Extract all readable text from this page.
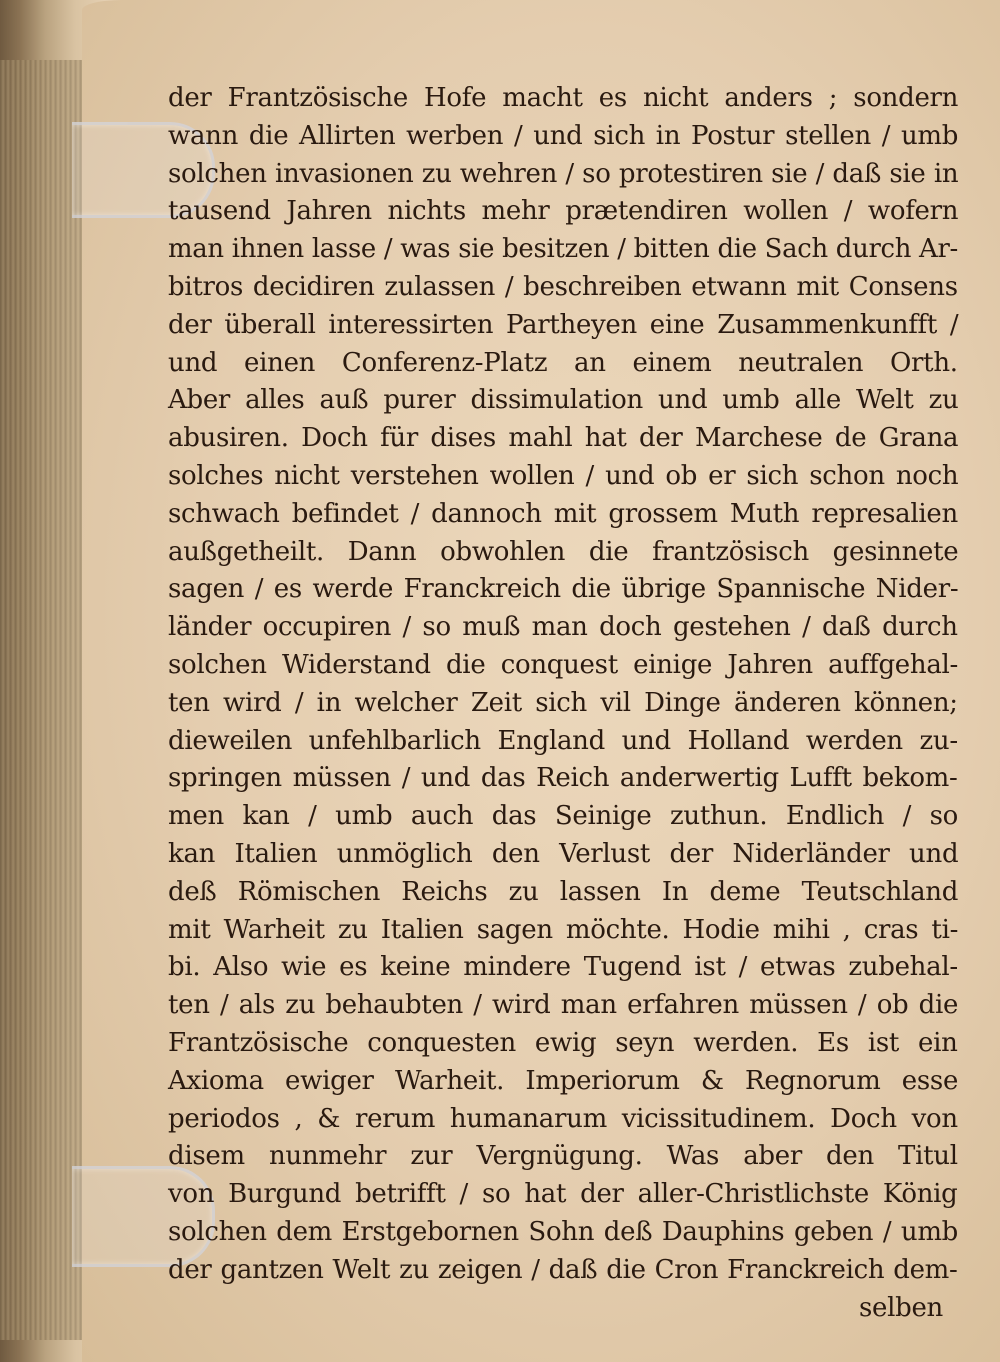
der Frantzösische Hofe macht es nicht anders ; sondern
wann die Allirten werben / und sich in Postur stellen / umb
solchen invasionen zu wehren / so protestiren sie / daß sie in
tausend Jahren nichts mehr prætendiren wollen / wofern
man ihnen lasse / was sie besitzen / bitten die Sach durch Ar-
bitros decidiren zulassen / beschreiben etwann mit Consens
der überall interessirten Partheyen eine Zusammenkunfft /
und einen Conferenz-Platz an einem neutralen Orth.
Aber alles auß purer dissimulation und umb alle Welt zu
abusiren. Doch für dises mahl hat der Marchese de Grana
solches nicht verstehen wollen / und ob er sich schon noch
schwach befindet / dannoch mit grossem Muth represalien
außgetheilt. Dann obwohlen die frantzösisch gesinnete
sagen / es werde Franckreich die übrige Spannische Nider-
länder occupiren / so muß man doch gestehen / daß durch
solchen Widerstand die conquest einige Jahren auffgehal-
ten wird / in welcher Zeit sich vil Dinge änderen können;
dieweilen unfehlbarlich England und Holland werden zu-
springen müssen / und das Reich anderwertig Lufft bekom-
men kan / umb auch das Seinige zuthun. Endlich / so
kan Italien unmöglich den Verlust der Niderländer und
deß Römischen Reichs zu lassen In deme Teutschland
mit Warheit zu Italien sagen möchte. Hodie mihi , cras ti-
bi. Also wie es keine mindere Tugend ist / etwas zubehal-
ten / als zu behaubten / wird man erfahren müssen / ob die
Frantzösische conquesten ewig seyn werden. Es ist ein
Axioma ewiger Warheit. Imperiorum & Regnorum esse
periodos , & rerum humanarum vicissitudinem. Doch von
disem nunmehr zur Vergnügung. Was aber den Titul
von Burgund betrifft / so hat der aller-Christlichste König
solchen dem Erstgebornen Sohn deß Dauphins geben / umb
der gantzen Welt zu zeigen / daß die Cron Franckreich dem-
selben
